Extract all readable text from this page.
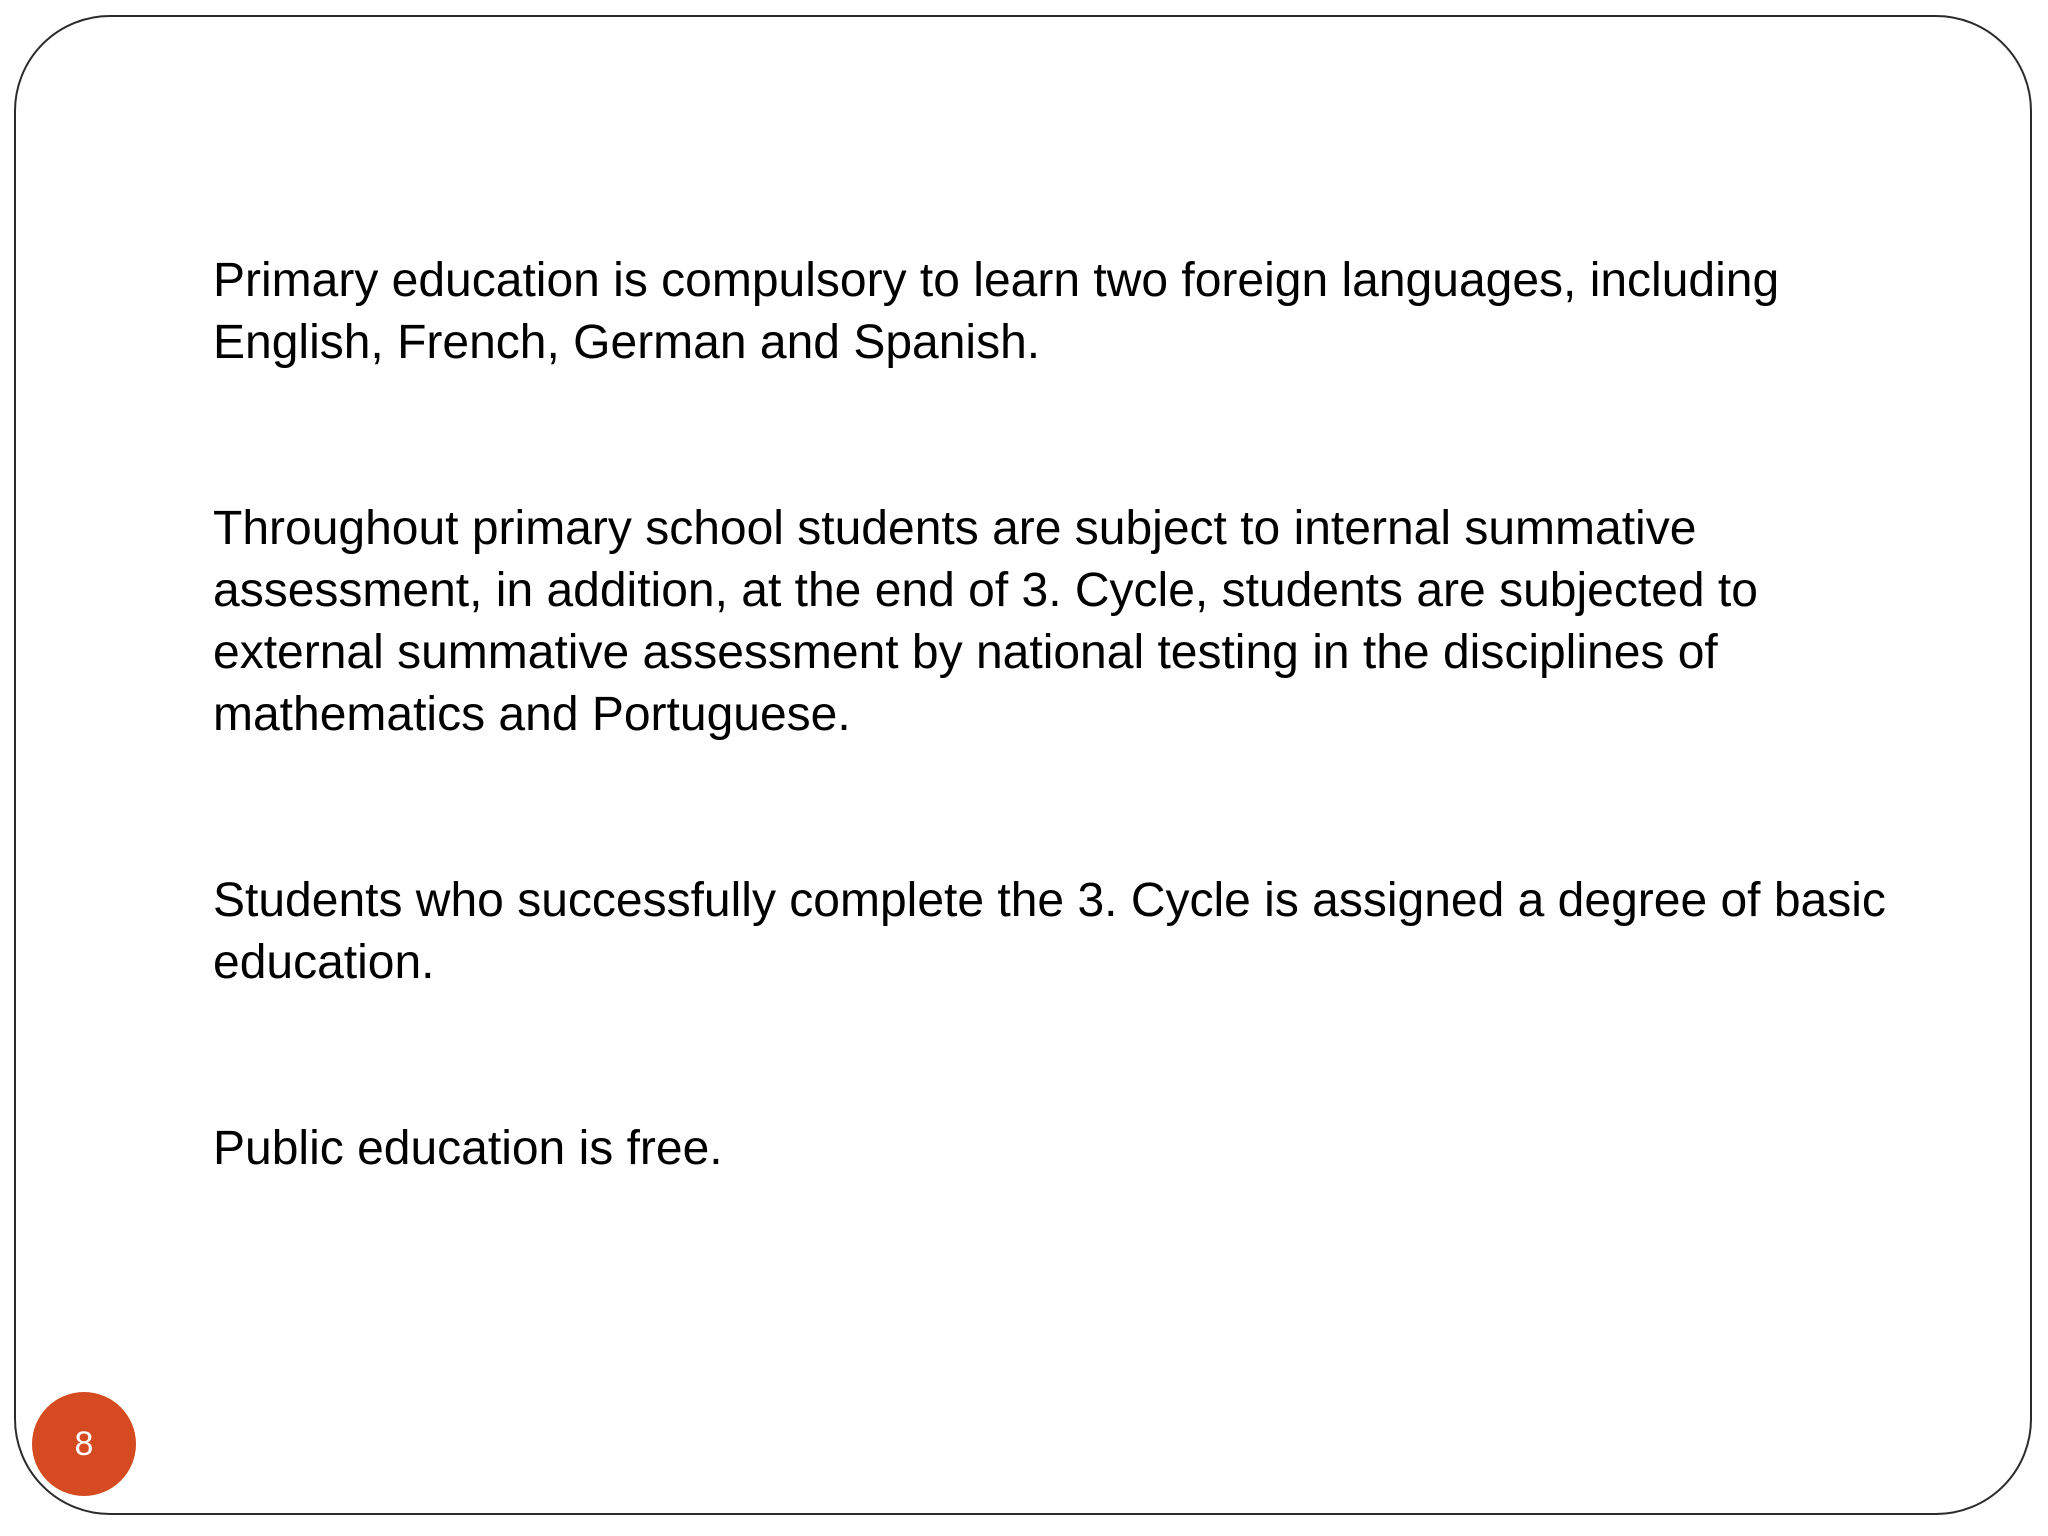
Primary education is compulsory to learn two foreign languages, including English, French, German and Spanish.

Throughout primary school students are subject to internal summative assessment, in addition, at the end of 3. Cycle, students are subjected to external summative assessment by national testing in the disciplines of mathematics and Portuguese.

Students who successfully complete the 3. Cycle is assigned a degree of basic education.

Public education is free.

8
